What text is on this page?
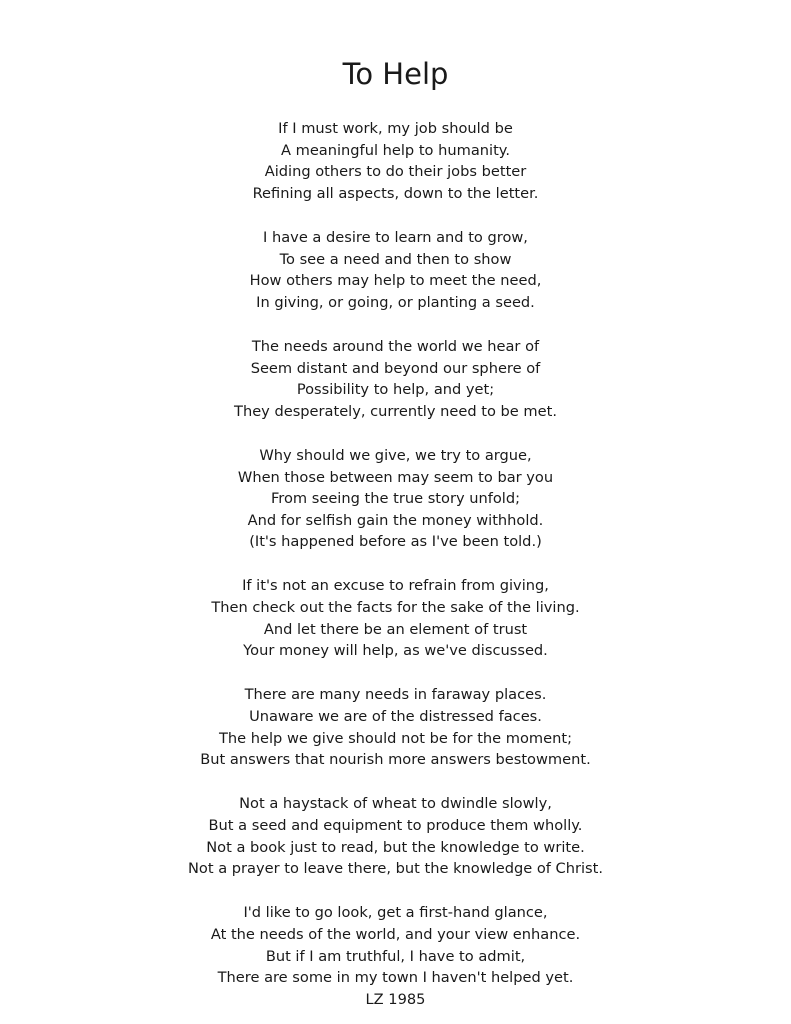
To Help
If I must work, my job should be
A meaningful help to humanity.
Aiding others to do their jobs better
Refining all aspects, down to the letter.
I have a desire to learn and to grow,
To see a need and then to show
How others may help to meet the need,
In giving, or going, or planting a seed.
The needs around the world we hear of
Seem distant and beyond our sphere of
Possibility to help, and yet;
They desperately, currently need to be met.
Why should we give, we try to argue,
When those between may seem to bar you
From seeing the true story unfold;
And for selfish gain the money withhold.
(It's happened before as I've been told.)
If it's not an excuse to refrain from giving,
Then check out the facts for the sake of the living.
And let there be an element of trust
Your money will help, as we've discussed.
There are many needs in faraway places.
Unaware we are of the distressed faces.
The help we give should not be for the moment;
But answers that nourish more answers bestowment.
Not a haystack of wheat to dwindle slowly,
But a seed and equipment to produce them wholly.
Not a book just to read, but the knowledge to write.
Not a prayer to leave there, but the knowledge of Christ.
I'd like to go look, get a first-hand glance,
At the needs of the world, and your view enhance.
But if I am truthful, I have to admit,
There are some in my town I haven't helped yet.
LZ 1985
